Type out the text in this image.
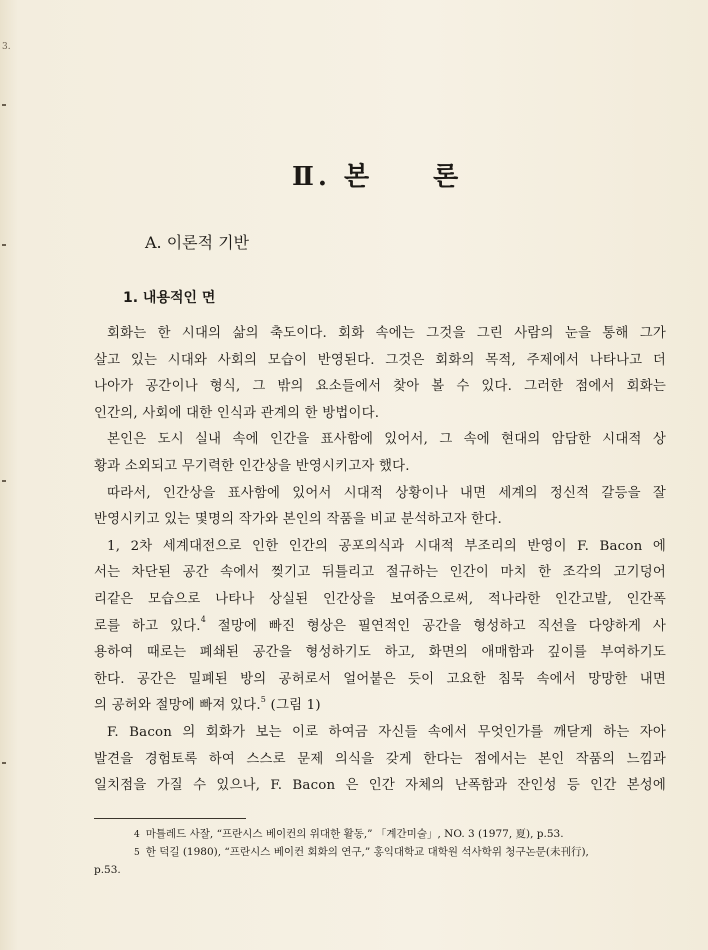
3.
Ⅱ. 본 론
A. 이론적 기반
1. 내용적인 면
회화는 한 시대의 삶의 축도이다. 회화 속에는 그것을 그린 사람의 눈을 통해 그가
살고 있는 시대와 사회의 모습이 반영된다. 그것은 회화의 목적, 주제에서 나타나고 더
나아가 공간이나 형식, 그 밖의 요소들에서 찾아 볼 수 있다. 그러한 점에서 회화는
인간의, 사회에 대한 인식과 관계의 한 방법이다.
본인은 도시 실내 속에 인간을 표사함에 있어서, 그 속에 현대의 암담한 시대적 상
황과 소외되고 무기력한 인간상을 반영시키고자 했다.
따라서, 인간상을 표사함에 있어서 시대적 상황이나 내면 세계의 정신적 갈등을 잘
반영시키고 있는 몇명의 작가와 본인의 작품을 비교 분석하고자 한다.
1, 2차 세계대전으로 인한 인간의 공포의식과 시대적 부조리의 반영이 F. Bacon 에
서는 차단된 공간 속에서 찢기고 뒤틀리고 절규하는 인간이 마치 한 조각의 고기덩어
리같은 모습으로 나타나 상실된 인간상을 보여줌으로써, 적나라한 인간고발, 인간폭
로를 하고 있다.$^4$ 절망에 빠진 형상은 필연적인 공간을 형성하고 직선을 다양하게 사
용하여 때로는 폐쇄된 공간을 형성하기도 하고, 화면의 애매함과 깊이를 부여하기도
한다. 공간은 밀폐된 방의 공허로서 얼어붙은 듯이 고요한 침묵 속에서 망망한 내면
의 공허와 절망에 빠져 있다.$^5$ (그림 1)
F. Bacon 의 회화가 보는 이로 하여금 자신들 속에서 무엇인가를 깨닫게 하는 자아
발견을 경험토록 하여 스스로 문제 의식을 갖게 한다는 점에서는 본인 작품의 느낌과
일치점을 가질 수 있으나, F. Bacon 은 인간 자체의 난폭함과 잔인성 등 인간 본성에
4 마틀레드 사잘, “프란시스 베이컨의 위대한 활동,” 「계간미술」, NO. 3 (1977, 夏), p.53.
5 한 덕길 (1980), “프란시스 베이컨 회화의 연구,” 홍익대학교 대학원 석사학위 청구논문(未刊行),
p.53.
